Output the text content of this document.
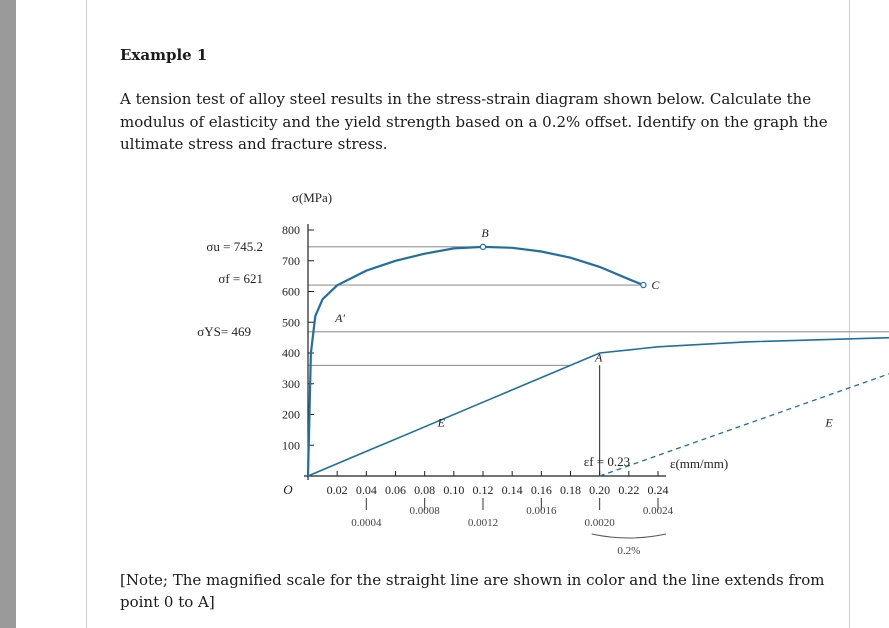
Example 1
A tension test of alloy steel results in the stress-strain diagram shown below. Calculate the modulus of elasticity and the yield strength based on a 0.2% offset. Identify on the graph the ultimate stress and fracture stress.
100
200
300
400
500
600
700
800
σ(MPa)
0.02 0.04 0.06 0.08 0.10 0.12 0.14 0.16 0.18 0.20 0.22 0.24
ε(mm/mm)
O
0.0004
0.0008
0.0012
0.0016
0.0020
0.0024
0.2%
σu = 745.2
σf = 621
σYS= 469
εf = 0.23
B
C
A
A′
E	E
[Note; The magnified scale for the straight line are shown in color and the line extends from point 0 to A]
